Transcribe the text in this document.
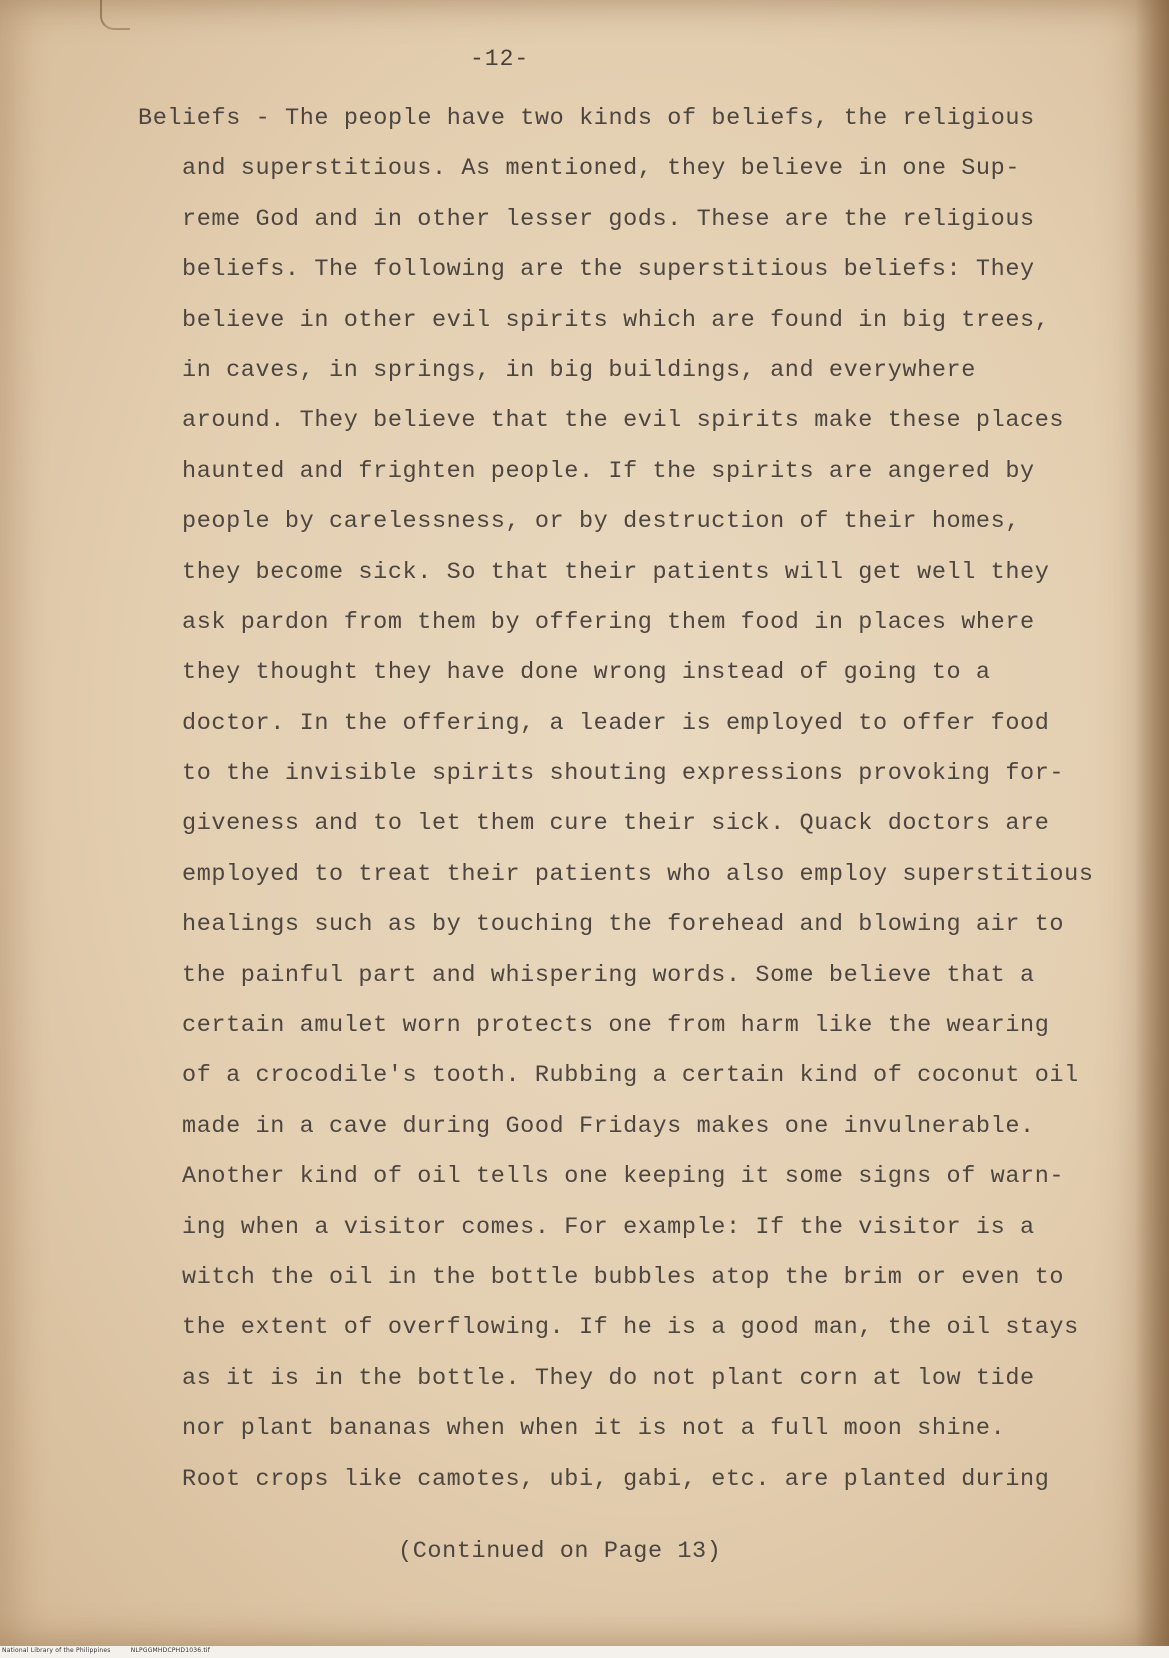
-12-
Beliefs - The people have two kinds of beliefs, the religious
and superstitious. As mentioned, they believe in one Sup-
reme God and in other lesser gods. These are the religious
beliefs. The following are the superstitious beliefs: They
believe in other evil spirits which are found in big trees,
in caves, in springs, in big buildings, and everywhere
around. They believe that the evil spirits make these places
haunted and frighten people. If the spirits are angered by
people by carelessness, or by destruction of their homes,
they become sick. So that their patients will get well they
ask pardon from them by offering them food in places where
they thought they have done wrong instead of going to a
doctor. In the offering, a leader is employed to offer food
to the invisible spirits shouting expressions provoking for-
giveness and to let them cure their sick. Quack doctors are
employed to treat their patients who also employ superstitious
healings such as by touching the forehead and blowing air to
the painful part and whispering words. Some believe that a
certain amulet worn protects one from harm like the wearing
of a crocodile's tooth. Rubbing a certain kind of coconut oil
made in a cave during Good Fridays makes one invulnerable.
Another kind of oil tells one keeping it some signs of warn-
ing when a visitor comes. For example: If the visitor is a
witch the oil in the bottle bubbles atop the brim or even to
the extent of overflowing. If he is a good man, the oil stays
as it is in the bottle. They do not plant corn at low tide
nor plant bananas when when it is not a full moon shine.
Root crops like camotes, ubi, gabi, etc. are planted during
(Continued on Page 13)
National Library of the Philippines	NLPGGMHDCPHD1036.tif
